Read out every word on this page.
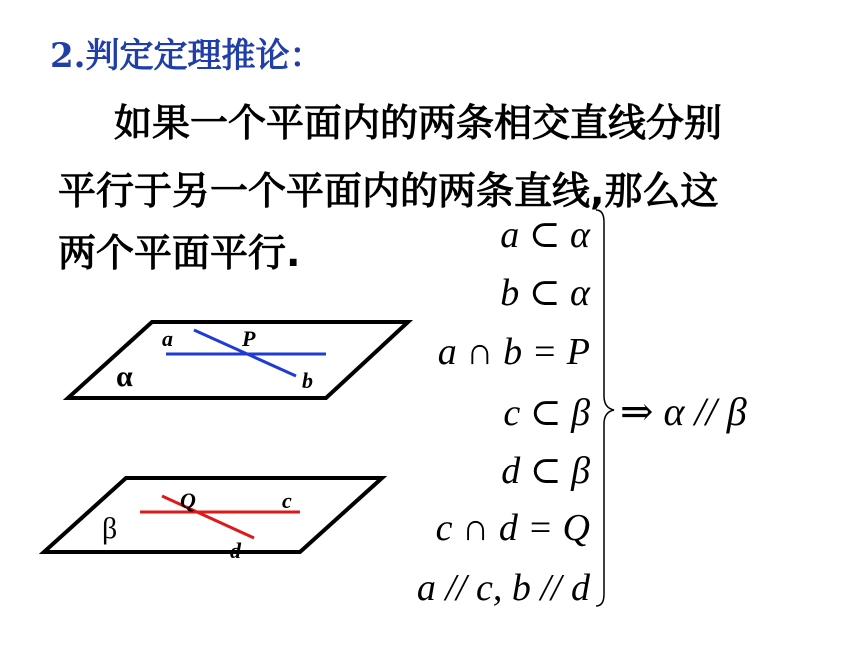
2.判定定理推论：
如果一个平面内的两条相交直线分别
平行于另一个平面内的两条直线,那么这
两个平面平行.	a ⊂ α
b ⊂ α
a ∩ b = P
c ⊂ β
d ⊂ β
c ∩ d = Q
a // c, b // d
⇒ α // β
α
a
b
P
β
c
d
Q
